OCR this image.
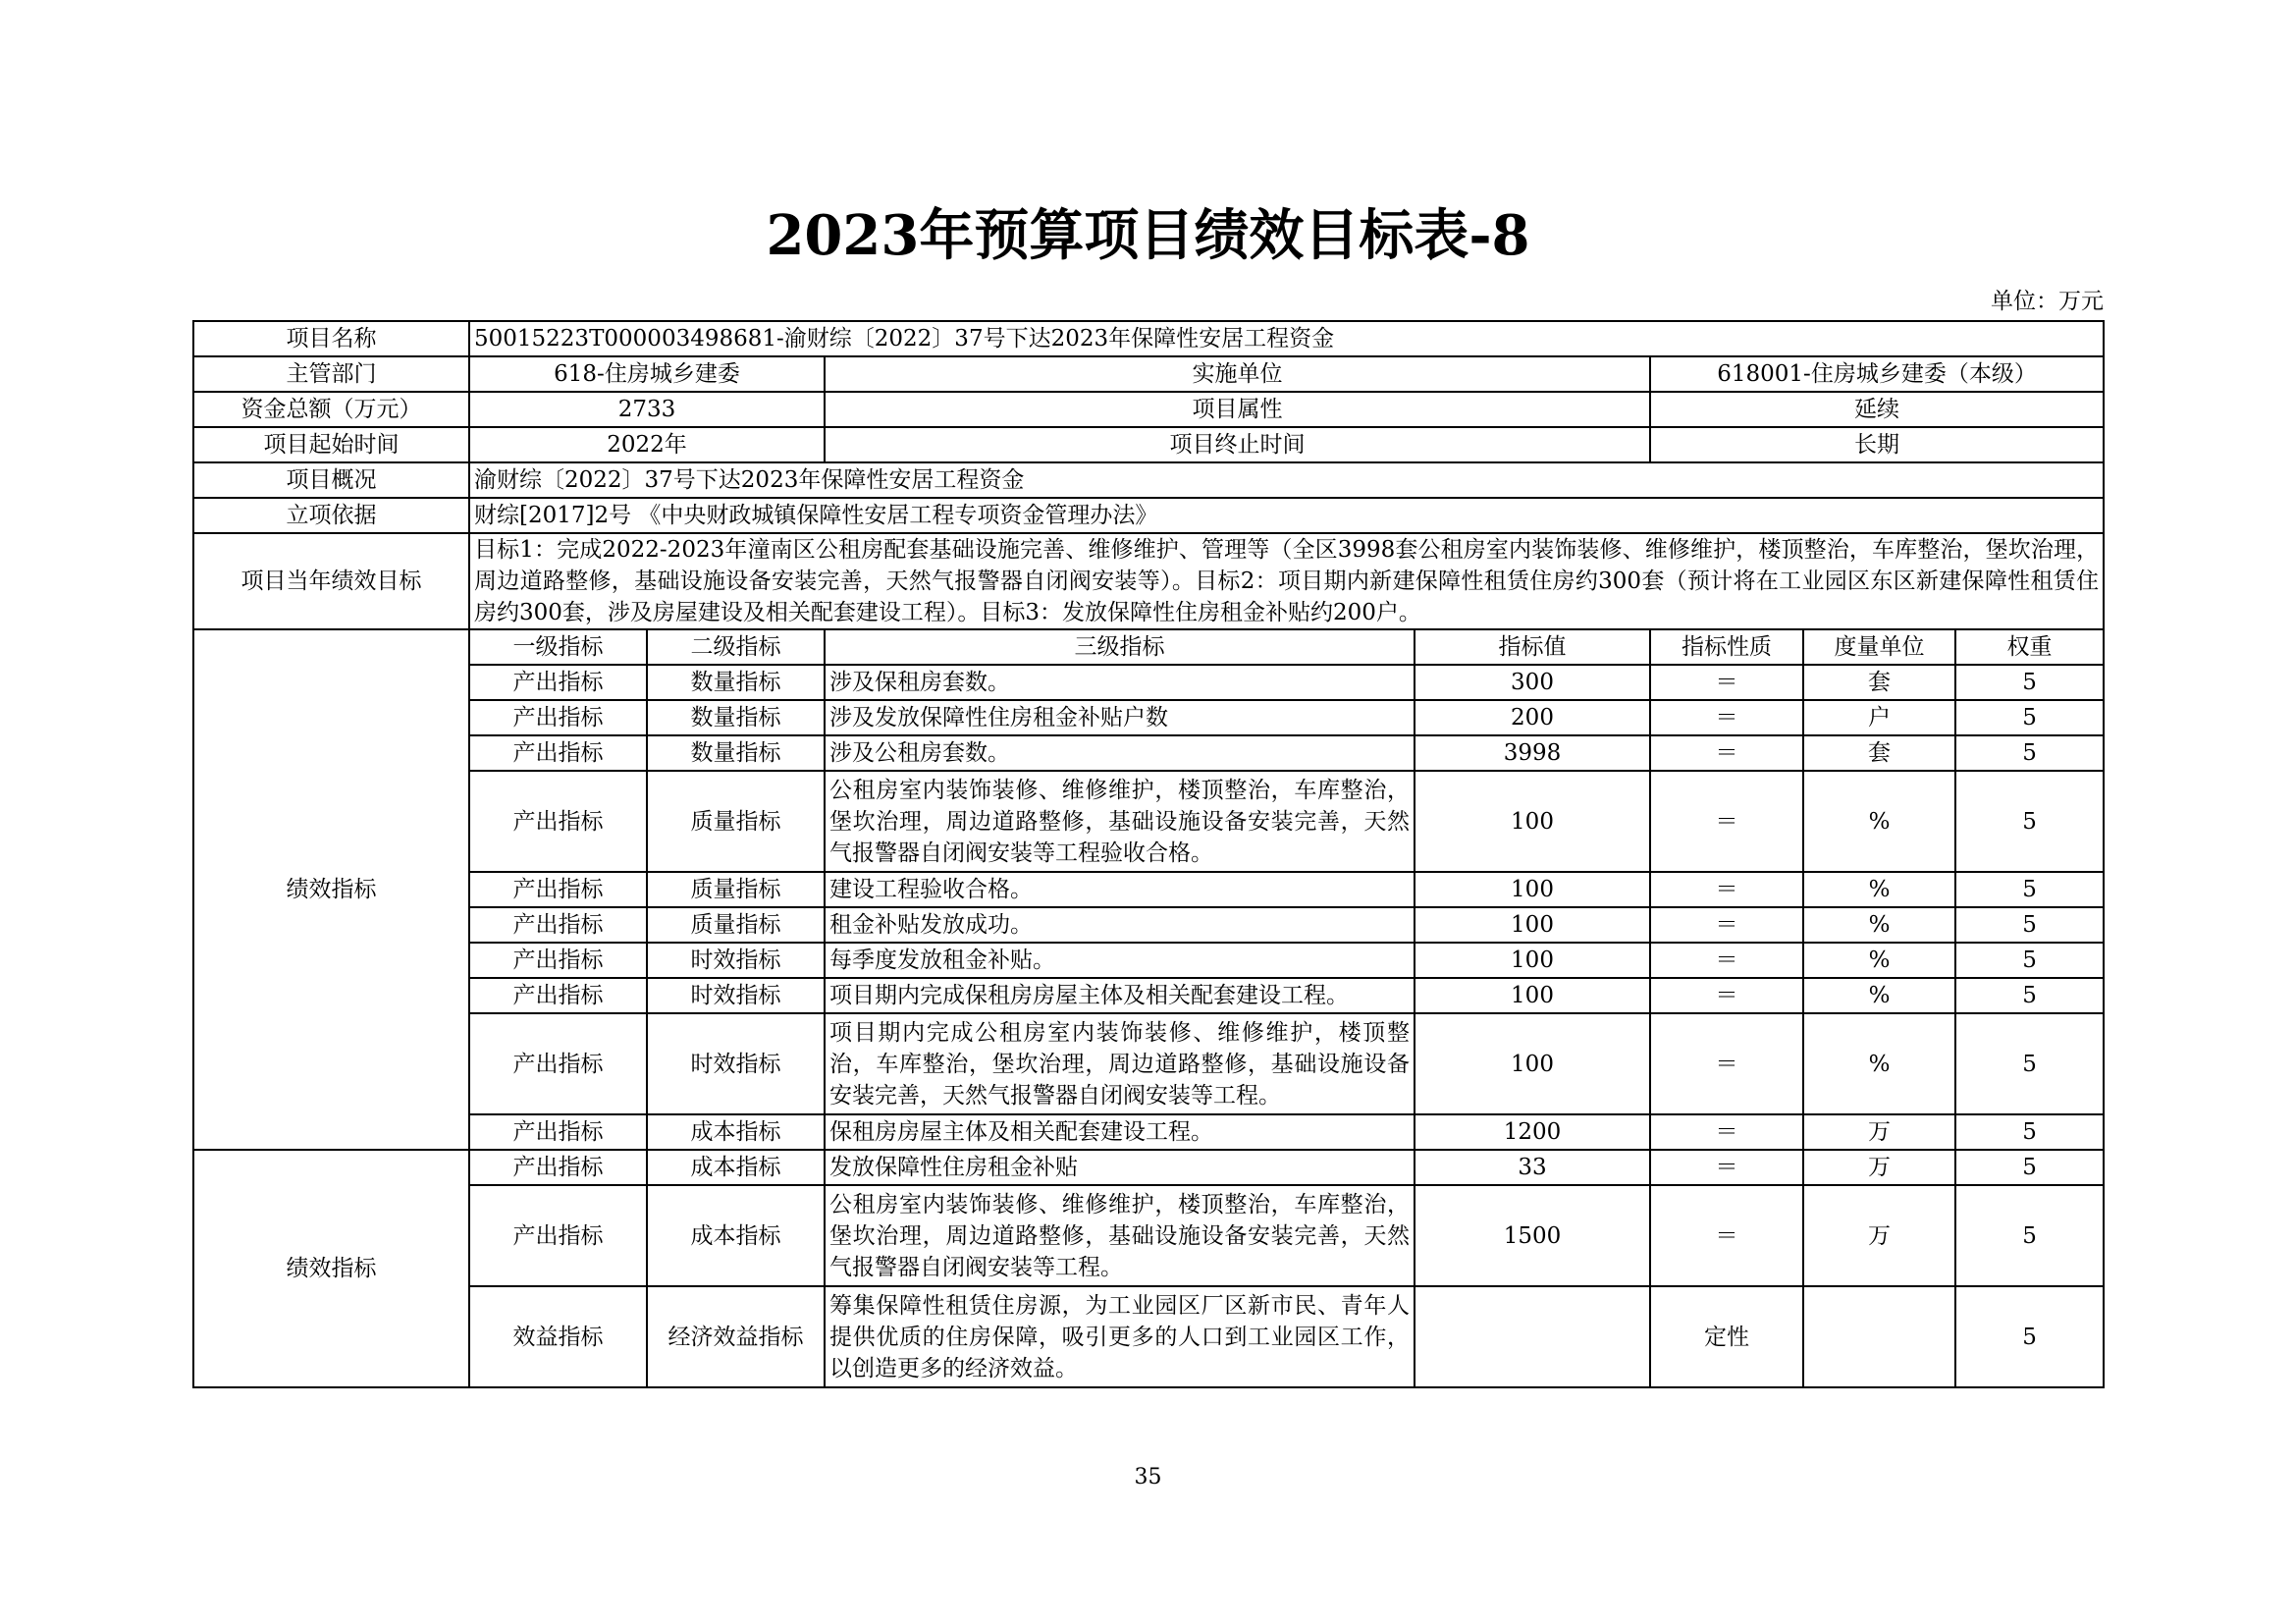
2023年预算项目绩效目标表-8
单位：万元
项目名称	50015223T000003498681-渝财综〔2022〕37号下达2023年保障性安居工程资金						
主管部门	618-住房城乡建委		实施单位		618001-住房城乡建委（本级）		
资金总额（万元）	2733		项目属性		延续		
项目起始时间	2022年		项目终止时间		长期		
项目概况	渝财综〔2022〕37号下达2023年保障性安居工程资金						
立项依据	财综[2017]2号 《中央财政城镇保障性安居工程专项资金管理办法》						
项目当年绩效目标	目标1：完成2022-2023年潼南区公租房配套基础设施完善、维修维护、管理等（全区3998套公租房室内装饰装修、维修维护，楼顶整治，车库整治，堡坎治理，周边道路整修，基础设施设备安装完善，天然气报警器自闭阀安装等）。目标2：项目期内新建保障性租赁住房约300套（预计将在工业园区东区新建保障性租赁住房约300套，涉及房屋建设及相关配套建设工程）。目标3：发放保障性住房租金补贴约200户。						
绩效指标	一级指标	二级指标	三级指标	指标值	指标性质	度量单位	权重
	产出指标	数量指标	涉及保租房套数。	300	＝	套	5
	产出指标	数量指标	涉及发放保障性住房租金补贴户数	200	＝	户	5
	产出指标	数量指标	涉及公租房套数。	3998	＝	套	5
	产出指标	质量指标	公租房室内装饰装修、维修维护，楼顶整治，车库整治，堡坎治理，周边道路整修，基础设施设备安装完善，天然气报警器自闭阀安装等工程验收合格。	100	＝	%	5
	产出指标	质量指标	建设工程验收合格。	100	＝	%	5
	产出指标	质量指标	租金补贴发放成功。	100	＝	%	5
	产出指标	时效指标	每季度发放租金补贴。	100	＝	%	5
	产出指标	时效指标	项目期内完成保租房房屋主体及相关配套建设工程。	100	＝	%	5
	产出指标	时效指标	项目期内完成公租房室内装饰装修、维修维护，楼顶整治，车库整治，堡坎治理，周边道路整修，基础设施设备安装完善，天然气报警器自闭阀安装等工程。	100	＝	%	5
	产出指标	成本指标	保租房房屋主体及相关配套建设工程。	1200	＝	万	5
绩效指标	产出指标	成本指标	发放保障性住房租金补贴	33	＝	万	5
	产出指标	成本指标	公租房室内装饰装修、维修维护，楼顶整治，车库整治，堡坎治理，周边道路整修，基础设施设备安装完善，天然气报警器自闭阀安装等工程。	1500	＝	万	5
	效益指标	经济效益指标	筹集保障性租赁住房源，为工业园区厂区新市民、青年人提供优质的住房保障，吸引更多的人口到工业园区工作，以创造更多的经济效益。		定性		5
35
